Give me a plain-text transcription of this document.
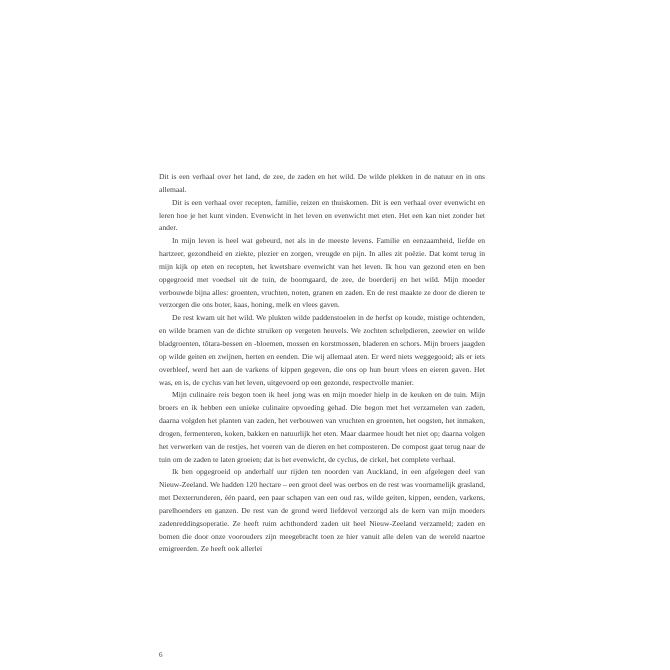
Dit is een verhaal over het land, de zee, de zaden en het wild. De wilde plekken in de natuur en in ons allemaal.

Dit is een verhaal over recepten, familie, reizen en thuiskomen. Dit is een verhaal over evenwicht en leren hoe je het kunt vinden. Evenwicht in het leven en evenwicht met eten. Het een kan niet zonder het ander.

In mijn leven is heel wat gebeurd, net als in de meeste levens. Familie en eenzaamheid, liefde en hartzeer, gezondheid en ziekte, plezier en zorgen, vreugde en pijn. In alles zit poëzie. Dat komt terug in mijn kijk op eten en recepten, het kwetsbare evenwicht van het leven. Ik hou van gezond eten en ben opgegroeid met voedsel uit de tuin, de boomgaard, de zee, de boerderij en het wild. Mijn moeder verbouwde bijna alles: groenten, vruchten, noten, granen en zaden. En de rest maakte ze door de dieren te verzorgen die ons boter, kaas, honing, melk en vlees gaven.

De rest kwam uit het wild. We plukten wilde paddenstoelen in de herfst op koude, mistige ochtenden, en wilde bramen van de dichte struiken op vergeten heuvels. We zochten schelpdieren, zeewier en wilde bladgroenten, tōtara-bessen en -bloemen, mossen en korstmossen, bladeren en schors. Mijn broers jaagden op wilde geiten en zwijnen, herten en eenden. Die wij allemaal aten. Er werd niets weggegooid; als er iets overbleef, werd het aan de varkens of kippen gegeven, die ons op hun beurt vlees en eieren gaven. Het was, en is, de cyclus van het leven, uitgevoerd op een gezonde, respectvolle manier.

Mijn culinaire reis begon toen ik heel jong was en mijn moeder hielp in de keuken en de tuin. Mijn broers en ik hebben een unieke culinaire opvoeding gehad. Die begon met het verzamelen van zaden, daarna volgden het planten van zaden, het verbouwen van vruchten en groenten, het oogsten, het inmaken, drogen, fermenteren, koken, bakken en natuurlijk het eten. Maar daarmee houdt het niet op; daarna volgen het verwerken van de restjes, het voeren van de dieren en het composteren. De compost gaat terug naar de tuin om de zaden te laten groeien; dat is het evenwicht, de cyclus, de cirkel, het complete verhaal.

Ik ben opgegroeid op anderhalf uur rijden ten noorden van Auckland, in een afgelegen deel van Nieuw-Zeeland. We hadden 120 hectare – een groot deel was oerbos en de rest was voornamelijk grasland, met Dexterrunderen, één paard, een paar schapen van een oud ras, wilde geiten, kippen, eenden, varkens, parelhoenders en ganzen. De rest van de grond werd liefdevol verzorgd als de kern van mijn moeders zadenreddingsoperatie. Ze heeft ruim achthonderd zaden uit heel Nieuw-Zeeland verzameld; zaden en bomen die door onze voorouders zijn meegebracht toen ze hier vanuit alle delen van de wereld naartoe emigreerden. Ze heeft ook allerlei

6
